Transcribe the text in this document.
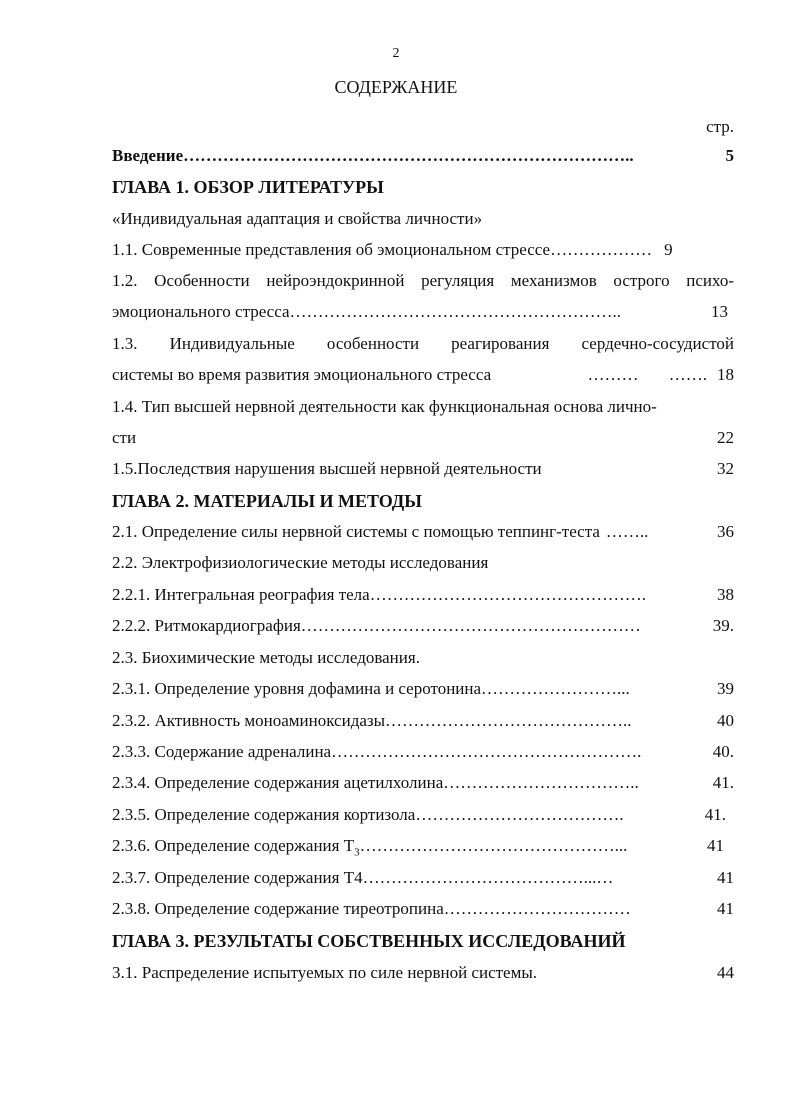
2
СОДЕРЖАНИЕ
стр.
Введение ……………………………………………………………………..	5
ГЛАВА 1. ОБЗОР ЛИТЕРАТУРЫ
«Индивидуальная адаптация и свойства личности»
1.1. Современные представления об эмоциональном стрессе ……………… 9
1.2. Особенности нейроэндокринной регуляция механизмов острого психо-
эмоционального стресса …………………………………………………..	13
1.3. Индивидуальные особенности реагирования сердечно-сосудистой
системы во время развития эмоционального стресса	……… ……. 18
1.4. Тип высшей нервной деятельности как функциональная основа лично-
сти	22
1.5.Последствия нарушения высшей нервной деятельности	32
ГЛАВА 2. МАТЕРИАЛЫ И МЕТОДЫ
2.1. Определение силы нервной системы с помощью теппинг-теста ……..	36
2.2. Электрофизиологические методы исследования
2.2.1. Интегральная реография тела ………………………………………….	38
2.2.2. Ритмокардиография ……………………………………………………	39.
2.3. Биохимические методы исследования.
2.3.1. Определение уровня дофамина и серотонина ……………………...	39
2.3.2. Активность моноаминоксидазы ……………………………………..	40
2.3.3. Содержание адреналина ……………………………………………….	40.
2.3.4. Определение содержания ацетилхолина ……………………………..	41.
2.3.5. Определение содержания кортизола ……………………………….	41.
2.3.6. Определение содержания $Т_3$ ………………………………………...	41
2.3.7. Определение содержания Т4 …………………………………...…	41
2.3.8. Определение содержание тиреотропина ……………………………	41
ГЛАВА 3. РЕЗУЛЬТАТЫ СОБСТВЕННЫХ ИССЛЕДОВАНИЙ
3.1. Распределение испытуемых по силе нервной системы.	44
